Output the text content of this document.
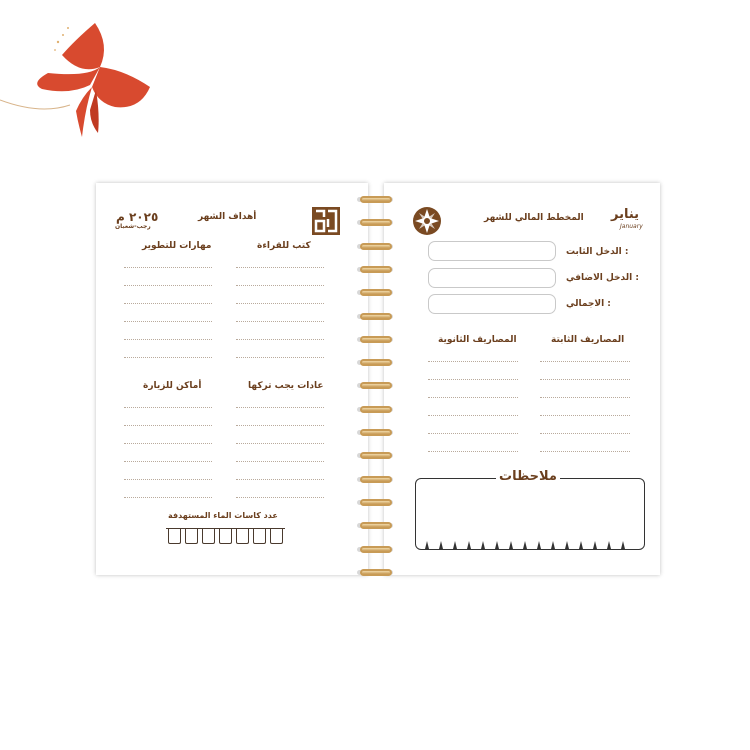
٢٠٢٥ م
رجب-شعبان
أهداف الشهر
كتب للقراءة
مهارات للتطوير
عادات يجب تركها
أماكن للزيارة
عدد كاسات الماء المستهدفة
يناير
January
المخطط المالي للشهر
الدخل الثابت :
الدخل الاضافي :
الاجمالي :
المصاريف الثابتة
المصاريف الثانوية
ملاحظات
